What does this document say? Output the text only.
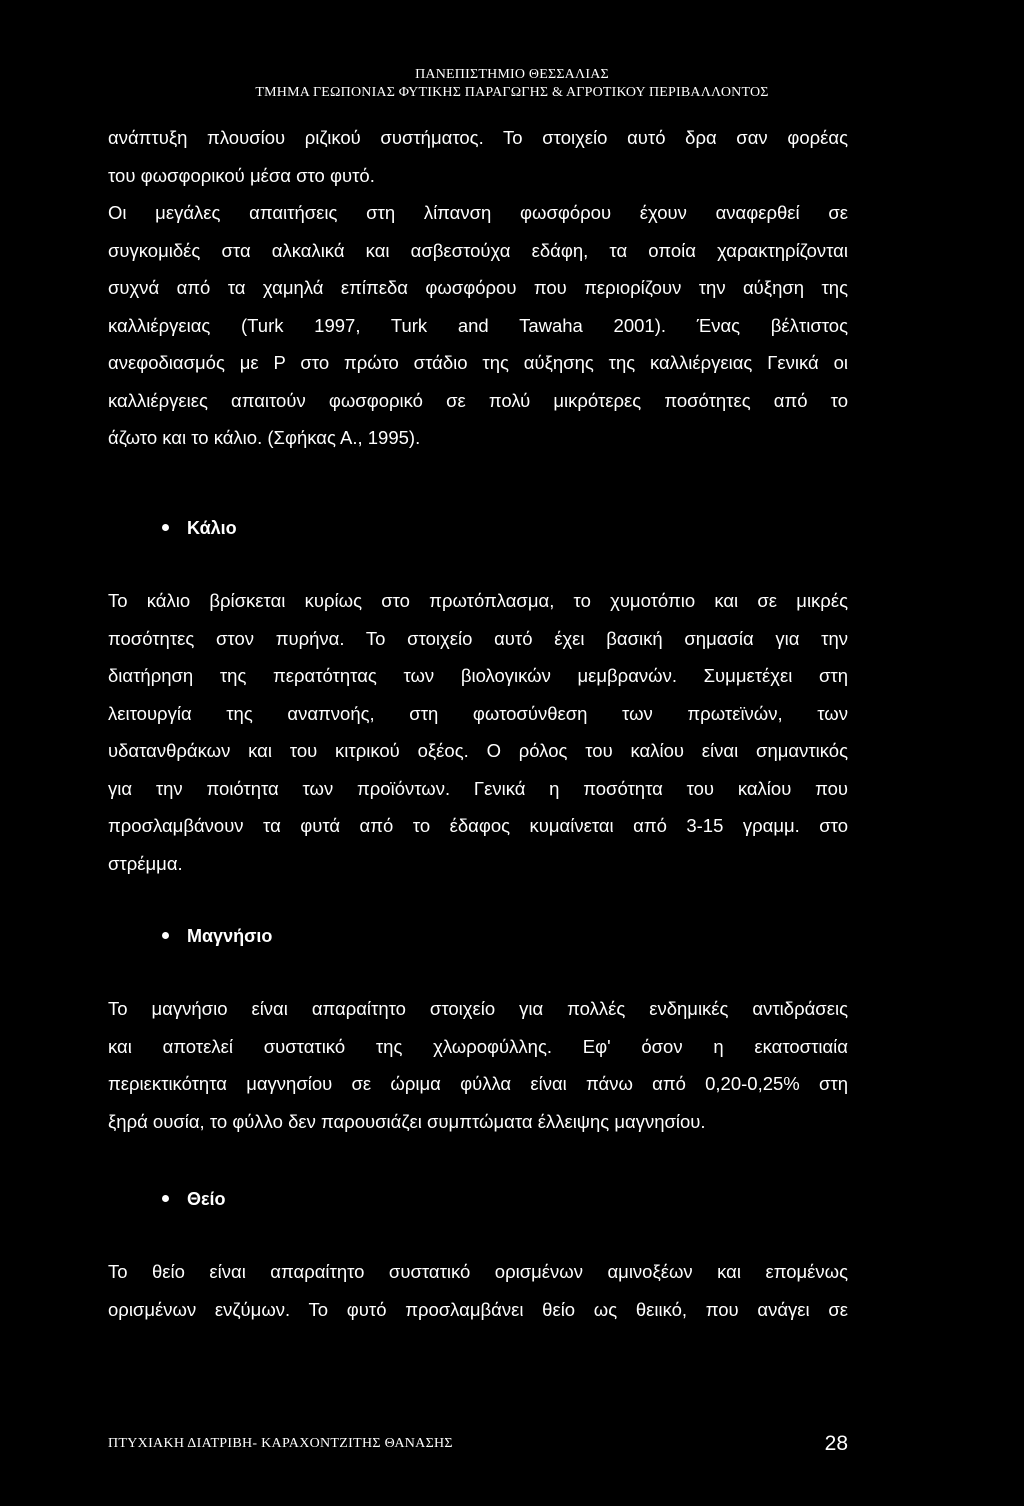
ΠΑΝΕΠΙΣΤΗΜΙΟ ΘΕΣΣΑΛΙΑΣ
ΤΜΗΜΑ ΓΕΩΠΟΝΙΑΣ ΦΥΤΙΚΗΣ ΠΑΡΑΓΩΓΗΣ & ΑΓΡΟΤΙΚΟΥ ΠΕΡΙΒΑΛΛΟΝΤΟΣ
ανάπτυξη πλουσίου ριζικού συστήματος. Το στοιχείο αυτό δρα σαν φορέας
του φωσφορικού μέσα στο φυτό.
Οι μεγάλες απαιτήσεις στη λίπανση φωσφόρου έχουν αναφερθεί σε
συγκομιδές στα αλκαλικά και ασβεστούχα εδάφη, τα οποία χαρακτηρίζονται
συχνά από τα χαμηλά επίπεδα φωσφόρου που περιορίζουν την αύξηση της
καλλιέργειας (Turk 1997, Turk and Tawaha 2001). Ένας βέλτιστος
ανεφοδιασμός με Ρ στο πρώτο στάδιο της αύξησης της καλλιέργειας Γενικά οι
καλλιέργειες απαιτούν φωσφορικό σε πολύ μικρότερες ποσότητες από το
άζωτο και το κάλιο. (Σφήκας Α., 1995).
Κάλιο
Το κάλιο βρίσκεται κυρίως στο πρωτόπλασμα, το χυμοτόπιο και σε μικρές
ποσότητες στον πυρήνα. Το στοιχείο αυτό έχει βασική σημασία για την
διατήρηση της περατότητας των βιολογικών μεμβρανών. Συμμετέχει στη
λειτουργία της αναπνοής, στη φωτοσύνθεση των πρωτεϊνών, των
υδατανθράκων και του κιτρικού οξέος. Ο ρόλος του καλίου είναι σημαντικός
για την ποιότητα των προϊόντων. Γενικά η ποσότητα του καλίου που
προσλαμβάνουν τα φυτά από το έδαφος κυμαίνεται από 3-15 γραμμ. στο
στρέμμα.
Μαγνήσιο
Το μαγνήσιο είναι απαραίτητο στοιχείο για πολλές ενδημικές αντιδράσεις
και αποτελεί συστατικό της χλωροφύλλης. Εφ' όσον η εκατοστιαία
περιεκτικότητα μαγνησίου σε ώριμα φύλλα είναι πάνω από 0,20-0,25% στη
ξηρά ουσία, το φύλλο δεν παρουσιάζει συμπτώματα έλλειψης μαγνησίου.
Θείο
Το θείο είναι απαραίτητο συστατικό ορισμένων αμινοξέων και επομένως
ορισμένων ενζύμων. Το φυτό προσλαμβάνει θείο ως θειικό, που ανάγει σε
ΠΤΥΧΙΑΚΗ ΔΙΑΤΡΙΒΗ- ΚΑΡΑΧΟΝΤΖΙΤΗΣ ΘΑΝΑΣΗΣ	28
